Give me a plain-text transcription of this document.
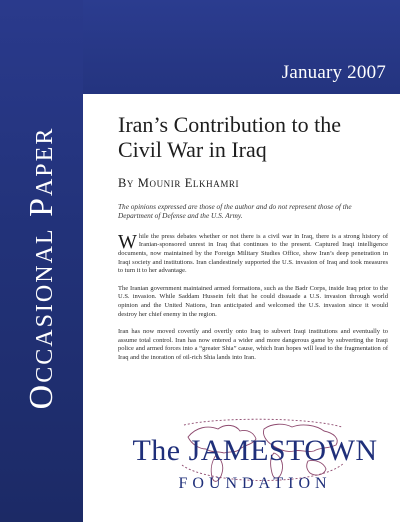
Occasional Paper
January 2007
Iran’s Contribution to the
Civil War in Iraq
By Mounir Elkhamri
The opinions expressed are those of the author and do not represent those of the Department of Defense and the U.S. Army.
W hile the press debates whether or not there is a civil war in Iraq, there is a strong history of Iranian-sponsored unrest in Iraq that continues to the present. Captured Iraqi intelligence documents, now maintained by the Foreign Military Studies Office, show Iran’s deep penetration in Iraqi society and institutions. Iran clandestinely supported the U.S. invasion of Iraq and took measures to turn it to her advantage.
The Iranian government maintained armed formations, such as the Badr Corps, inside Iraq prior to the U.S. invasion. While Saddam Hussein felt that he could dissuade a U.S. invasion through world opinion and the United Nations, Iran anticipated and welcomed the U.S. invasion since it would destroy her chief enemy in the region.
Iran has now moved covertly and overtly onto Iraq to subvert Iraqi institutions and eventually to assume total control. Iran has now entered a wider and more dangerous game by subverting the Iraqi police and armed forces into a “greater Shia” cause, which Iran hopes will lead to the fragmentation of Iraq and the inoration of oil-rich Shia lands into Iran.
The JAMESTOWN
FOUNDATION
